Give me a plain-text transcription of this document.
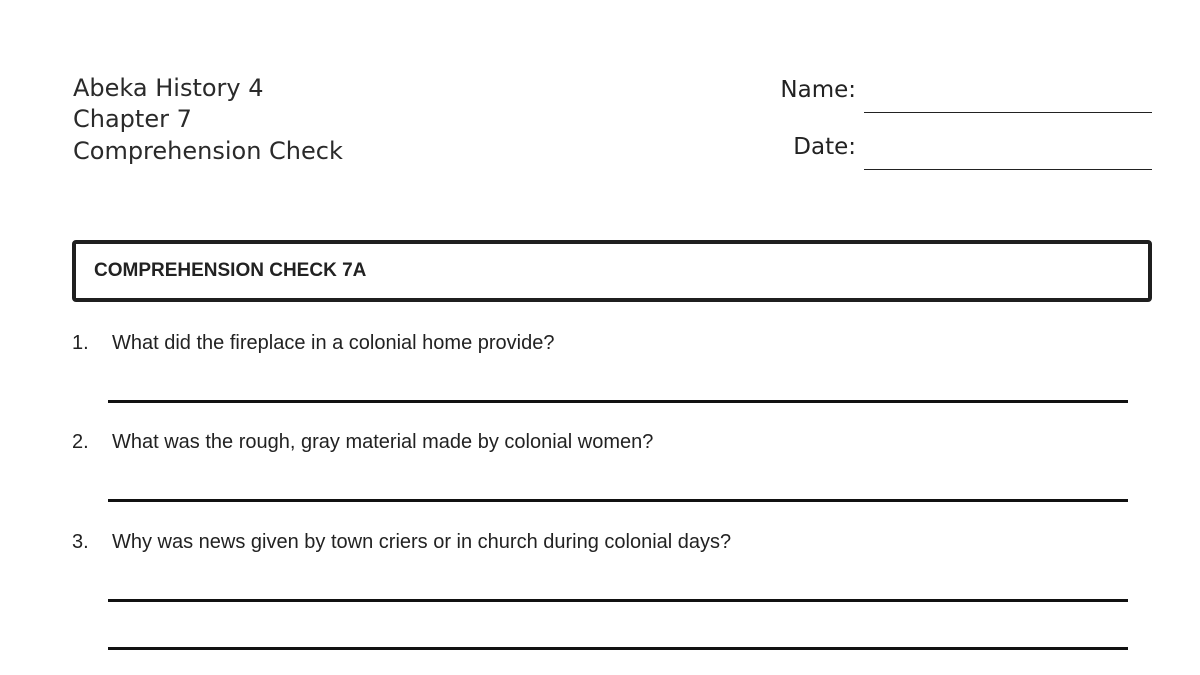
Abeka History 4
Chapter 7
Comprehension Check
Name:
Date:
COMPREHENSION CHECK 7A
1. What did the fireplace in a colonial home provide?
2. What was the rough, gray material made by colonial women?
3. Why was news given by town criers or in church during colonial days?
